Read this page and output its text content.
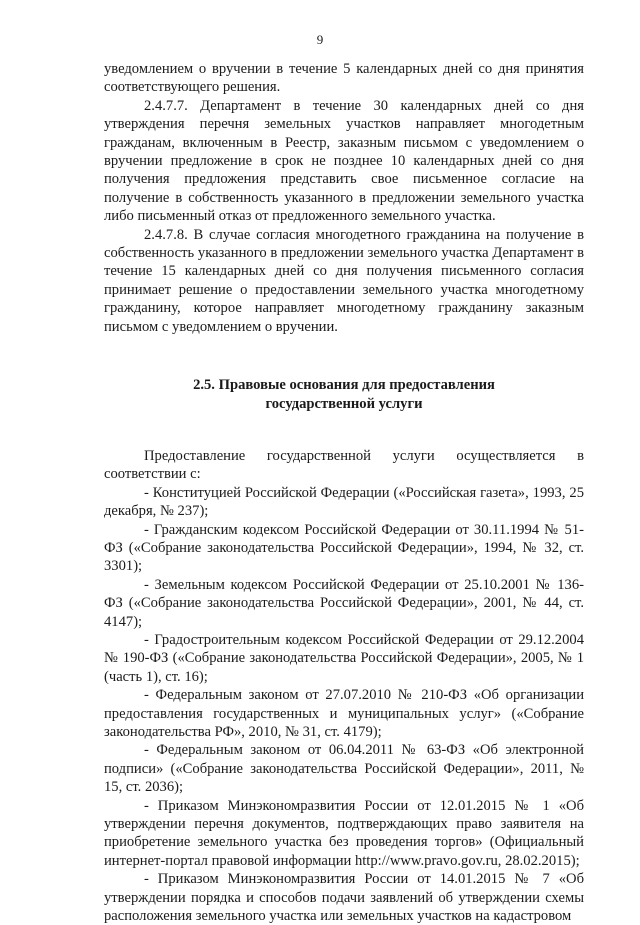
9

уведомлением о вручении в течение 5 календарных дней со дня принятия соответствующего решения.

2.4.7.7. Департамент в течение 30 календарных дней со дня утверждения перечня земельных участков направляет многодетным гражданам, включенным в Реестр, заказным письмом с уведомлением о вручении предложение в срок не позднее 10 календарных дней со дня получения предложения представить свое письменное согласие на получение в собственность указанного в предложении земельного участка либо письменный отказ от предложенного земельного участка.

2.4.7.8. В случае согласия многодетного гражданина на получение в собственность указанного в предложении земельного участка Департамент в течение 15 календарных дней со дня получения письменного согласия принимает решение о предоставлении земельного участка многодетному гражданину, которое направляет многодетному гражданину заказным письмом с уведомлением о вручении.

2.5. Правовые основания для предоставления
государственной услуги

Предоставление государственной услуги осуществляется в соответствии с:

- Конституцией Российской Федерации («Российская газета», 1993, 25 декабря, № 237);

- Гражданским кодексом Российской Федерации от 30.11.1994 № 51-ФЗ («Собрание законодательства Российской Федерации», 1994, № 32, ст. 3301);

- Земельным кодексом Российской Федерации от 25.10.2001 № 136-ФЗ («Собрание законодательства Российской Федерации», 2001, № 44, ст. 4147);

- Градостроительным кодексом Российской Федерации от 29.12.2004 № 190-ФЗ («Собрание законодательства Российской Федерации», 2005, № 1 (часть 1), ст. 16);

- Федеральным законом от 27.07.2010 № 210-ФЗ «Об организации предоставления государственных и муниципальных услуг» («Собрание законодательства РФ», 2010, № 31, ст. 4179);

- Федеральным законом от 06.04.2011 № 63-ФЗ «Об электронной подписи» («Собрание законодательства Российской Федерации», 2011, № 15, ст. 2036);

- Приказом Минэкономразвития России от 12.01.2015 № 1 «Об утверждении перечня документов, подтверждающих право заявителя на приобретение земельного участка без проведения торгов» (Официальный интернет-портал правовой информации http://www.pravo.gov.ru, 28.02.2015);

- Приказом Минэкономразвития России от 14.01.2015 № 7 «Об утверждении порядка и способов подачи заявлений об утверждении схемы расположения земельного участка или земельных участков на кадастровом
